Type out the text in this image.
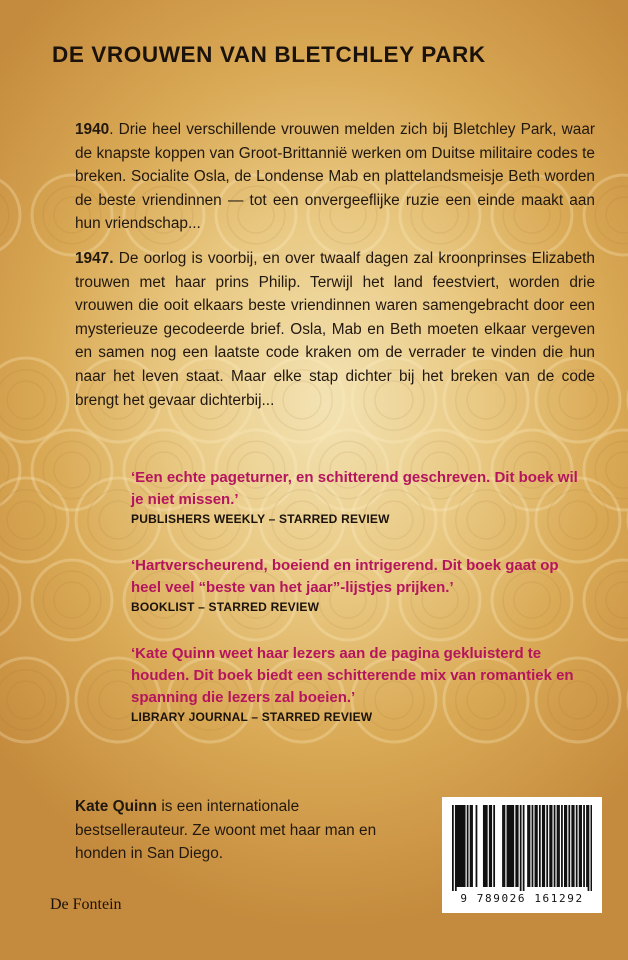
DE VROUWEN VAN BLETCHLEY PARK
1940. Drie heel verschillende vrouwen melden zich bij Bletchley Park, waar de knapste koppen van Groot-Brittannië werken om Duitse militaire codes te breken. Socialite Osla, de Londense Mab en plattelandsmeisje Beth worden de beste vriendinnen — tot een onvergeeflijke ruzie een einde maakt aan hun vriendschap...
1947. De oorlog is voorbij, en over twaalf dagen zal kroonprinses Elizabeth trouwen met haar prins Philip. Terwijl het land feestviert, worden drie vrouwen die ooit elkaars beste vriendinnen waren samengebracht door een mysterieuze gecodeerde brief. Osla, Mab en Beth moeten elkaar vergeven en samen nog een laatste code kraken om de verrader te vinden die hun naar het leven staat. Maar elke stap dichter bij het breken van de code brengt het gevaar dichterbij...
‘Een echte pageturner, en schitterend geschreven. Dit boek wil je niet missen.’
PUBLISHERS WEEKLY – STARRED REVIEW
‘Hartverscheurend, boeiend en intrigerend. Dit boek gaat op heel veel “beste van het jaar”-lijstjes prijken.’
BOOKLIST – STARRED REVIEW
‘Kate Quinn weet haar lezers aan de pagina gekluisterd te houden. Dit boek biedt een schitterende mix van romantiek en spanning die lezers zal boeien.’
LIBRARY JOURNAL – STARRED REVIEW
Kate Quinn is een internationale bestsellerauteur. Ze woont met haar man en honden in San Diego.
De Fontein	9 789026 161292
